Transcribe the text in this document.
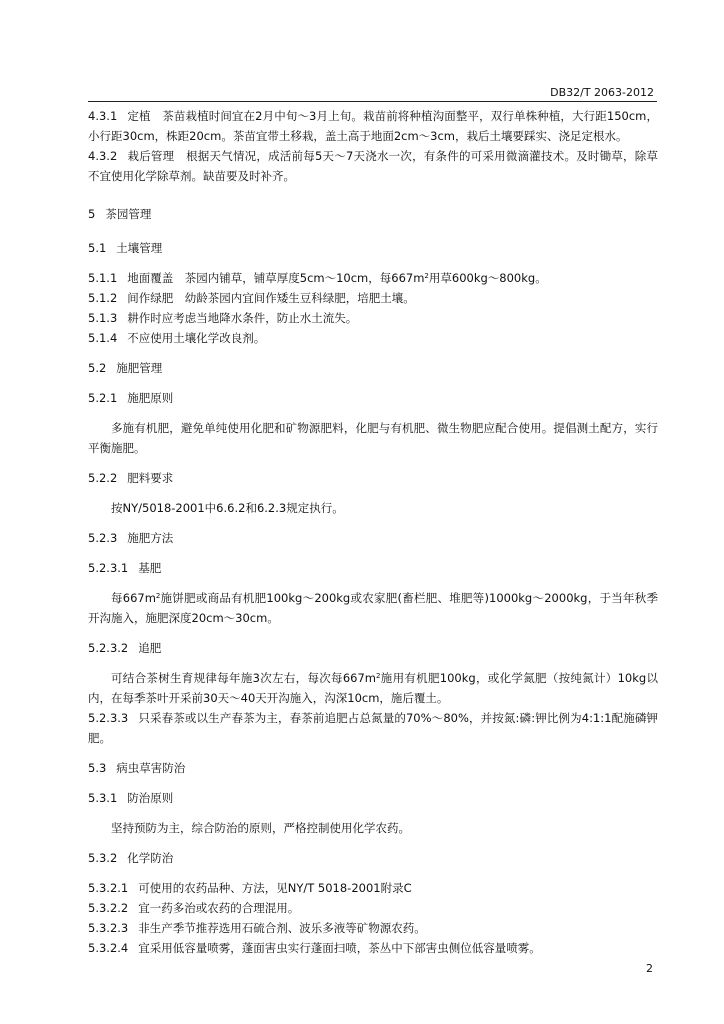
DB32/T 2063-2012

4.3.1 定植　茶苗栽植时间宜在2月中旬～3月上旬。栽苗前将种植沟面整平，双行单株种植，大行距150cm，小行距30cm，株距20cm。茶苗宜带土移栽，盖土高于地面2cm～3cm，栽后土壤要踩实、浇足定根水。

4.3.2 栽后管理　根据天气情况，成活前每5天～7天浇水一次，有条件的可采用微滴灌技术。及时锄草，除草不宜使用化学除草剂。缺苗要及时补齐。

5 茶园管理

5.1 土壤管理

5.1.1 地面覆盖　茶园内铺草，铺草厚度5cm～10cm，每$667m^2$用草600kg～800kg。

5.1.2 间作绿肥　幼龄茶园内宜间作矮生豆科绿肥，培肥土壤。

5.1.3 耕作时应考虑当地降水条件，防止水土流失。

5.1.4 不应使用土壤化学改良剂。

5.2 施肥管理

5.2.1 施肥原则

多施有机肥，避免单纯使用化肥和矿物源肥料，化肥与有机肥、微生物肥应配合使用。提倡测土配方，实行平衡施肥。

5.2.2 肥料要求

按NY/5018-2001中6.6.2和6.2.3规定执行。

5.2.3 施肥方法

5.2.3.1 基肥

每$667m^2$施饼肥或商品有机肥100kg～200kg或农家肥(畜栏肥、堆肥等)1000kg～2000kg，于当年秋季开沟施入，施肥深度20cm～30cm。

5.2.3.2 追肥

可结合茶树生育规律每年施3次左右，每次每$667m^2$施用有机肥100kg，或化学氮肥（按纯氮计）10kg以内，在每季茶叶开采前30天～40天开沟施入，沟深10cm，施后覆土。

5.2.3.3 只采春茶或以生产春茶为主，春茶前追肥占总氮量的70%～80%，并按氮:磷:钾比例为4:1:1配施磷钾肥。

5.3 病虫草害防治

5.3.1 防治原则

坚持预防为主，综合防治的原则，严格控制使用化学农药。

5.3.2 化学防治

5.3.2.1 可使用的农药品种、方法，见NY/T 5018-2001附录C

5.3.2.2 宜一药多治或农药的合理混用。

5.3.2.3 非生产季节推荐选用石硫合剂、波乐多液等矿物源农药。

5.3.2.4 宜采用低容量喷雾，蓬面害虫实行蓬面扫喷，茶丛中下部害虫侧位低容量喷雾。

2
